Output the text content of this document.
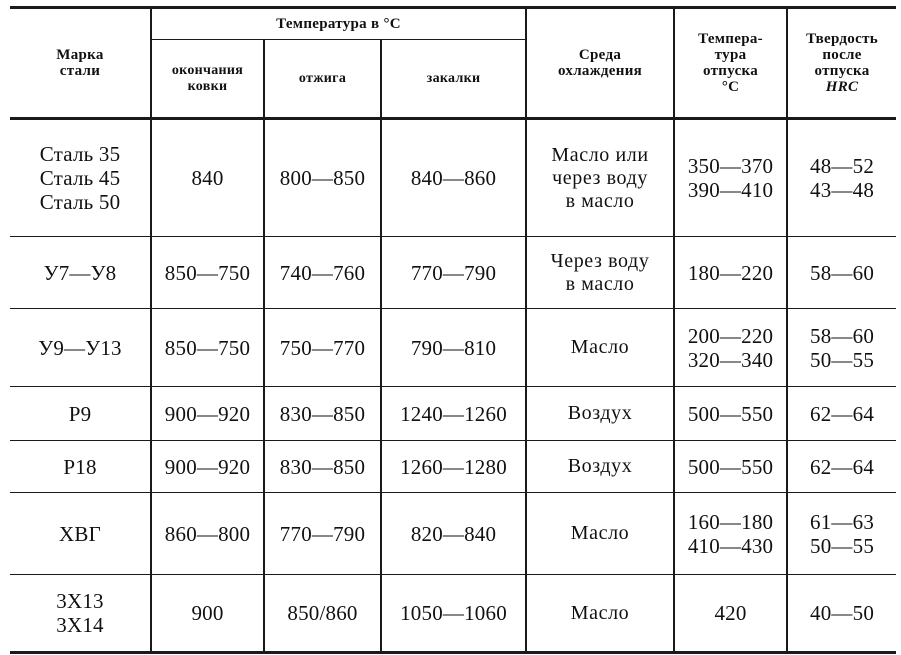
Марка стали	Температура в °С			Среда охлаждения	Темпера-
тура
отпуска
°С	Твердость
после
отпуска
HRC

	окончания ковки	отжига	закалки			

Сталь 35
Сталь 45
Сталь 50	840	800—850	840—860	Масло или
через воду
в масло	350—370
390—410	48—52
43—48

У7—У8	850—750	740—760	770—790	Через воду
в масло	180—220	58—60

У9—У13	850—750	750—770	790—810	Масло	200—220
320—340	58—60
50—55

Р9	900—920	830—850	1240—1260	Воздух	500—550	62—64

Р18	900—920	830—850	1260—1280	Воздух	500—550	62—64

ХВГ	860—800	770—790	820—840	Масло	160—180
410—430	61—63
50—55

3Х13
3Х14	900	850/860	1050—1060	Масло	420	40—50
